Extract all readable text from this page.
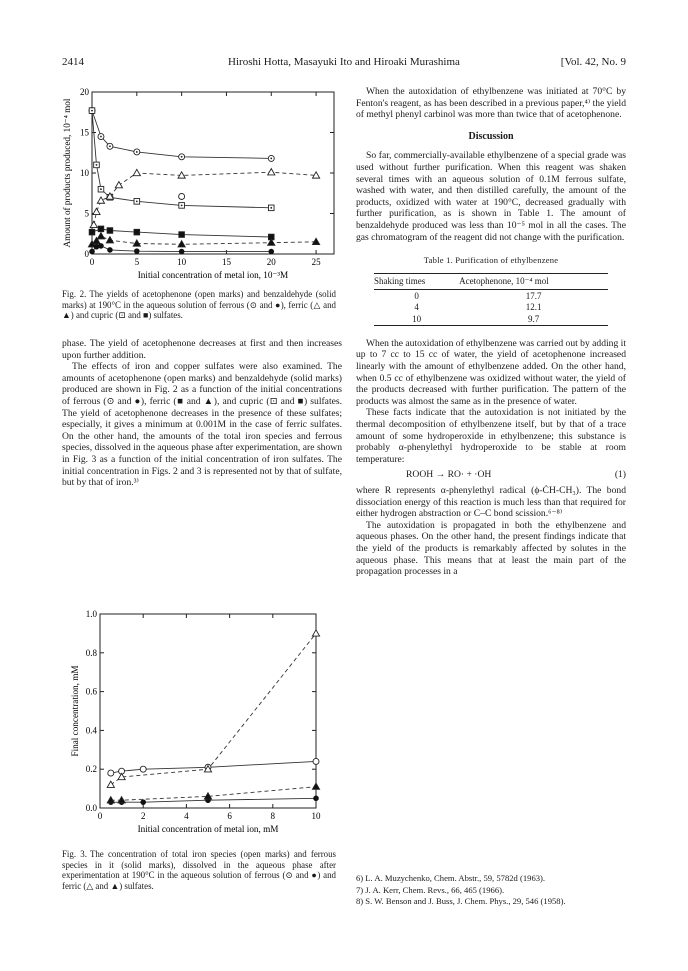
2414	Hiroshi Hotta, Masayuki Ito and Hiroaki Murashima	[Vol. 42, No. 9
0	5	10	15	20	25
0
5
10
15
20
Initial concentration of metal ion, 10⁻³M
Amount of products produced, 10⁻⁴ mol
Fig. 2. The yields of acetophenone (open marks) and benzaldehyde (solid marks) at 190°C in the aqueous solution of ferrous (⊙ and ●), ferric (△ and ▲) and cupric (⊡ and ■) sulfates.

phase. The yield of acetophenone decreases at first and then increases upon further addition.

The effects of iron and copper sulfates were also examined. The amounts of acetophenone (open marks) and benzaldehyde (solid marks) produced are shown in Fig. 2 as a function of the initial concentrations of ferrous (⊙ and ●), ferric (■ and ▲), and cupric (⊡ and ■) sulfates. The yield of acetophenone decreases in the presence of these sulfates; especially, it gives a minimum at 0.001M in the case of ferric sulfates. On the other hand, the amounts of the total iron species and ferrous species, dissolved in the aqueous phase after experimentation, are shown in Fig. 3 as a function of the initial concentration of iron sulfates. The initial concentration in Figs. 2 and 3 is represented not by that of sulfate, but by that of iron.³⁾

0	2	4	6	8	10
0.0
0.2
0.4
0.6
0.8
1.0
Initial concentration of metal ion, mM
Final concentration, mM
Fig. 3. The concentration of total iron species (open marks) and ferrous species in it (solid marks), dissolved in the aqueous phase after experimentation at 190°C in the aqueous solution of ferrous (⊙ and ●) and ferric (△ and ▲) sulfates.

When the autoxidation of ethylbenzene was initiated at 70°C by Fenton's reagent, as has been described in a previous paper,⁴⁾ the yield of methyl phenyl carbinol was more than twice that of acetophenone.

Discussion

So far, commercially-available ethylbenzene of a special grade was used without further purification. When this reagent was shaken several times with an aqueous solution of 0.1M ferrous sulfate, washed with water, and then distilled carefully, the amount of the products, oxidized with water at 190°C, decreased gradually with further purification, as is shown in Table 1. The amount of benzaldehyde produced was less than 10⁻⁵ mol in all the cases. The gas chromatogram of the reagent did not change with the purification.

Table 1. Purification of ethylbenzene
Shaking times	Acetophenone, 10⁻⁴ mol
0	17.7
4	12.1
10	9.7

When the autoxidation of ethylbenzene was carried out by adding it up to 7 cc to 15 cc of water, the yield of acetophenone increased linearly with the amount of ethylbenzene added. On the other hand, when 0.5 cc of ethylbenzene was oxidized without water, the yield of the products decreased with further purification. The pattern of the products was almost the same as in the presence of water.

These facts indicate that the autoxidation is not initiated by the thermal decomposition of ethylbenzene itself, but by that of a trace amount of some hydroperoxide in ethylbenzene; this substance is probably α-phenylethyl hydroperoxide to be stable at room temperature:

ROOH → RO· + ·OH	(1)

where R represents α-phenylethyl radical (ϕ-ĊH-CH₃). The bond dissociation energy of this reaction is much less than that required for either hydrogen abstraction or C–C bond scission.⁶⁻⁸⁾

The autoxidation is propagated in both the ethylbenzene and aqueous phases. On the other hand, the present findings indicate that the yield of the products is remarkably affected by solutes in the aqueous phase. This means that at least the main part of the propagation processes in a

6) L. A. Muzychenko, Chem. Abstr., 59, 5782d (1963).
7) J. A. Kerr, Chem. Revs., 66, 465 (1966).
8) S. W. Benson and J. Buss, J. Chem. Phys., 29, 546 (1958).
